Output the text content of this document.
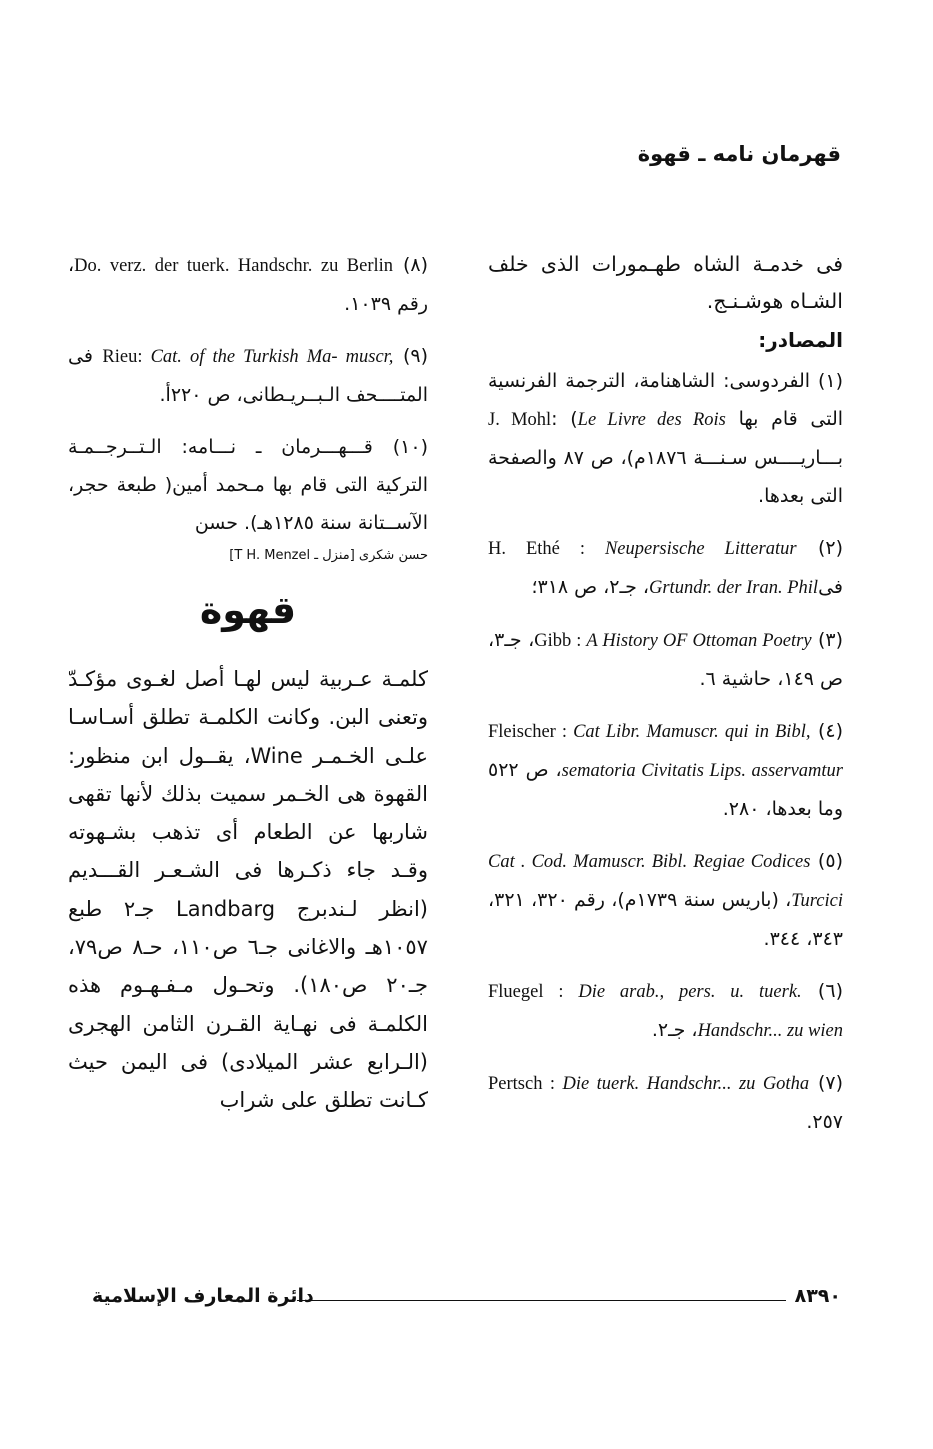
قهرمان نامه ـ قهوة

فى خدمـة الشاه طهـمورات الذى خلف الشـاه هوشـنـج.

المصادر:
(١) الفردوسى: الشاهنامة، الترجمة الفرنسية التى قام بها J. Mohl: (Le Livre des Rois بـــاريــــس سـنـــة ١٨٧٦م)، ص ٨٧ والصفحة التى بعدها.
(٢) H. Ethé : Neupersische Litteratur فىGrtundr. der Iran. Phil، جـ٢، ص ٣١٨؛
(٣) Gibb : A History OF Ottoman Poetry، جـ٣، ص ١٤٩، حاشية ٦.
(٤) Fleischer : Cat Libr. Mamuscr. qui in Bibl, sematoria Civitatis Lips. asservamtur، ص ٥٢٢ وما بعدها، ٢٨٠.
(٥) Cat . Cod. Mamuscr. Bibl. Regiae Codices Turcici، (باريس سنة ١٧٣٩م)، رقم ٣٢٠، ٣٢١، ٣٤٣، ٣٤٤.
(٦) Fluegel : Die arab., pers. u. tuerk. Handschr... zu wien، جـ٢.
(٧) Pertsch : Die tuerk. Handschr... zu Gotha ٢٥٧.
(٨) Do. verz. der tuerk. Handschr. zu Berlin، رقم ١٠٣٩.
(٩) Rieu: Cat. of the Turkish Ma- muscr, فى المتــــحف الـبــريـطانى، ص ٢٢٠أ.
(١٠) قـــهـــرمان ـ نـــامه: الـتــرجــمـة التركية التى قام بها مـحمد أمين( طبعة حجر، الآســتانة سنة ١٢٨٥هـ). حسن
حسن شكرى [منزل ـ T H. Menzel]
قهوة

كلمـة عـربية ليس لهـا أصل لغـوى مؤكـدّ وتعنى البن. وكانت الكلمـة تطلق أسـاسـا علـى الخـمـر Wine، يقــول ابن منظور: القهوة هى الخـمر سميت بذلك لأنها تقهى شاربها عن الطعام أى تذهب بشـهوته وقـد جاء ذكـرها فى الشـعـر القـــديم (انظر لـندبرج Landbarg جـ٢ طبع ١٠٥٧هـ والاغانى جـ٦ ص١١٠، حـ٨ ص٧٩، جـ٢٠ ص١٨٠). وتحـول مـفـهـوم هذه الكلمـة فى نهـاية القـرن الثامن الهجرى (الـرابع عشر الميلادى) فى اليمن حيث كـانت تطلق على شراب

٨٣٩٠
دائرة المعارف الإسلامية
